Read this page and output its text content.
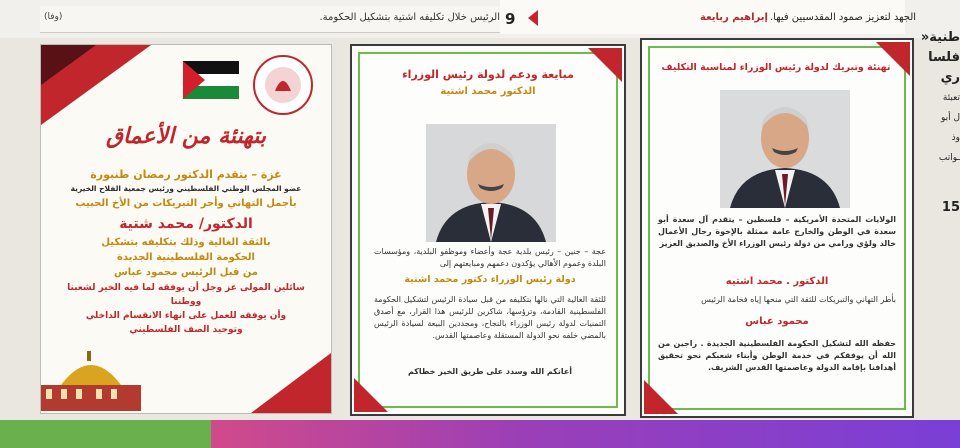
الرئيس خلال تكليفه اشتية بتشكيل الحكومة.
(وفا)	9	إبراهيم ربايعة الجهد لتعزيز صمود المقدسيين فيها.
طنية«
فلسا
ري
تعبئة
ل أبو
وذ
ـواتب
15
بتهنئة من الأعماق
غزة – يتقدم الدكتور رمضان طنبورة
عضو المجلس الوطني الفلسطيني ورئيس جمعية الفلاح الخيرية
بأجمل التهاني وأحر التبريكات من الأخ الحبيب
الدكتور/ محمد شتية
بالثقة الغالية وذلك بتكليفه بتشكيل
الحكومة الفلسطينية الجديدة
من قبل الرئيس محمود عباس
سائلين المولى عز وجل أن يوفقه لما فيه الخير لشعبنا ووطننا
وأن يوفقه للعمل على انهاء الانقسام الداخلي
وتوحيد الصف الفلسطيني
مبايعة ودعم لدولة رئيس الوزراء
الدكتور محمد اشتية
عجة – جنين – رئيس بلدية عجة وأعضاء وموظفو البلدية، ومؤسسات البلدة وعموم الأهالي يؤكدون دعمهم ومبايعتهم إلى
دولة رئيس الوزراء دكتور محمد اشتية
للثقة الغالية التي نالها بتكليفه من قبل سيادة الرئيس لتشكيل الحكومة الفلسطينية القادمة، وترؤسها، شاكرين للرئيس هذا القرار، مع أصدق التمنيات لدولة رئيس الوزراء بالنجاح، ومجددين البيعة لسيادة الرئيس بالمضي خلفه نحو الدولة المستقلة وعاصمتها القدس.
أعانكم الله وسدد على طريق الخير خطاكم
تهنئة وتبريك لدولة رئيس الوزراء لمناسبة التكليف
الولايات المتحدة الأمريكية – فلسطين – يتقدم آل سعدة أبو سعدة في الوطن والخارج عامة ممثلة بالإخوة رجال الأعمال خالد ولؤي ورامي من دولة رئيس الوزراء الأخ والصديق العزيز
الدكتور . محمد اشتيه
بأطر التهاني والتبريكات للثقة التي منحها إياه فخامة الرئيس
محمود عباس
حفظه الله لتشكيل الحكومة الفلسطينية الجديدة . راجين من الله أن يوفقكم في خدمة الوطن وأبناء شعبكم نحو تحقيق أهدافنا بإقامة الدولة وعاصمتها القدس الشريف.
